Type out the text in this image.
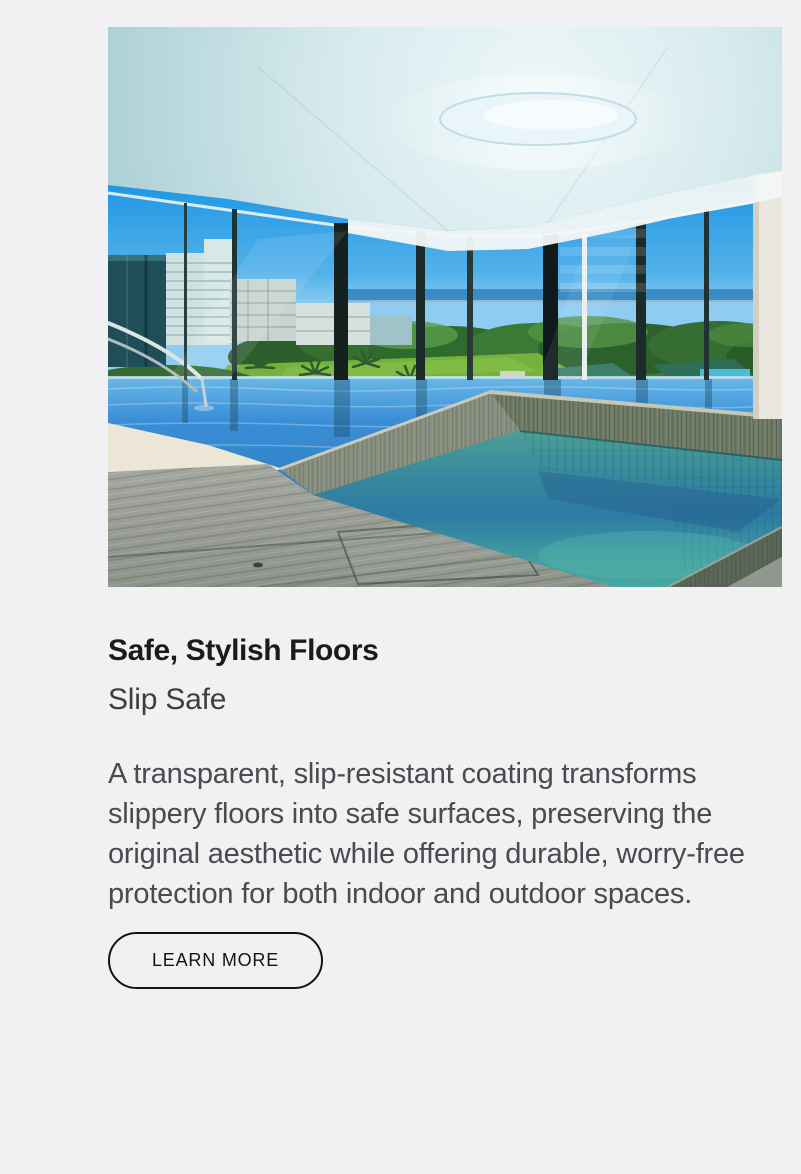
Safe, Stylish Floors

Slip Safe

A transparent, slip-resistant coating transforms slippery floors into safe surfaces, preserving the original aesthetic while offering durable, worry-free protection for both indoor and outdoor spaces.

LEARN MORE
